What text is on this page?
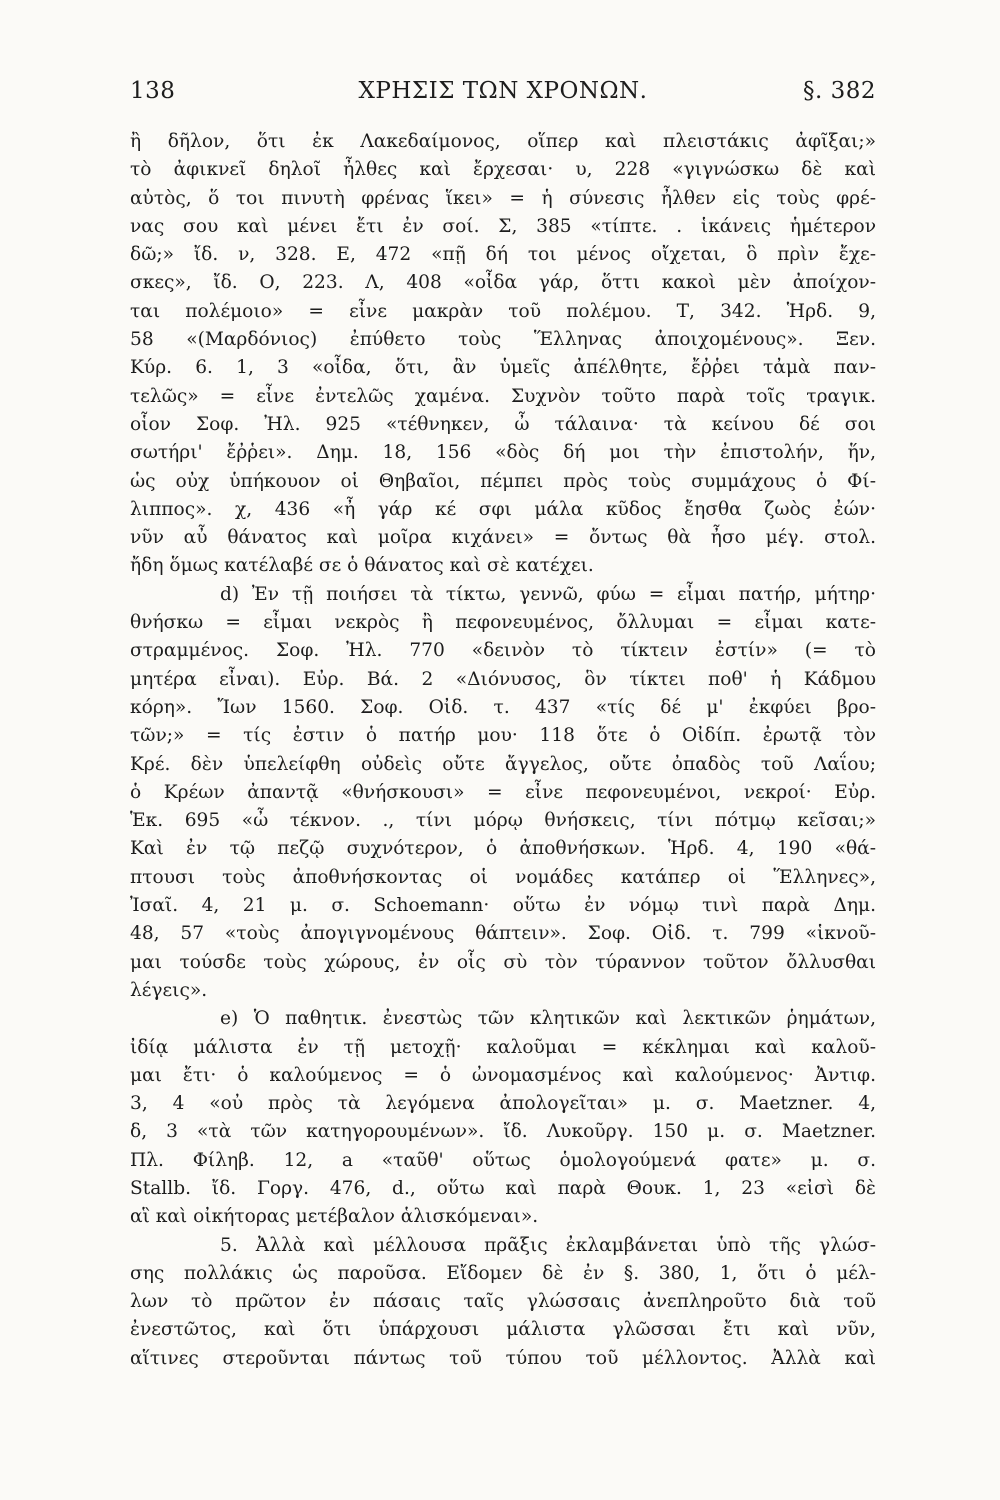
138	ΧΡΗΣΙΣ ΤΩΝ ΧΡΟΝΩΝ.	§. 382
ἢ δῆλον, ὅτι ἐκ Λακεδαίμονος, οἵπερ καὶ πλειστάκις ἀφῖξαι;»
τὸ ἀφικνεῖ δηλοῖ ἦλθες καὶ ἔρχεσαι· υ, 228 «γιγνώσκω δὲ καὶ
αὐτὸς, ὅ τοι πινυτὴ φρένας ἵκει» = ἡ σύνεσις ἦλθεν εἰς τοὺς φρέ-
νας σου καὶ μένει ἔτι ἐν σοί. Σ, 385 «τίπτε. . ἱκάνεις ἡμέτερον
δῶ;» ἴδ. ν, 328. Ε, 472 «πῇ δή τοι μένος οἴχεται, ὃ πρὶν ἔχε-
σκες», ἴδ. Ο, 223. Λ, 408 «οἶδα γάρ, ὅττι κακοὶ μὲν ἀποίχον-
ται πολέμοιο» = εἶνε μακρὰν τοῦ πολέμου. Τ, 342. Ἡρδ. 9,
58 «(Μαρδόνιος) ἐπύθετο τοὺς Ἕλληνας ἀποιχομένους». Ξεν.
Κύρ. 6. 1, 3 «οἶδα, ὅτι, ἂν ὑμεῖς ἀπέλθητε, ἔῤῥει τἀμὰ παν-
τελῶς» = εἶνε ἐντελῶς χαμένα. Συχνὸν τοῦτο παρὰ τοῖς τραγικ.
οἷον Σοφ. Ἠλ. 925 «τέθνηκεν, ὦ τάλαινα· τὰ κείνου δέ σοι
σωτήρι' ἔῤῥει». Δημ. 18, 156 «δὸς δή μοι τὴν ἐπιστολήν, ἥν,
ὡς οὐχ ὑπήκουον οἱ Θηβαῖοι, πέμπει πρὸς τοὺς συμμάχους ὁ Φί-
λιππος». χ, 436 «ἦ γάρ κέ σφι μάλα κῦδος ἔησθα ζωὸς ἐών·
νῦν αὖ θάνατος καὶ μοῖρα κιχάνει» = ὄντως θὰ ἦσο μέγ. στολ.
ἤδη ὅμως κατέλαβέ σε ὁ θάνατος καὶ σὲ κατέχει.
d) Ἐν τῇ ποιήσει τὰ τίκτω, γεννῶ, φύω = εἶμαι πατήρ, μήτηρ·
θνήσκω = εἶμαι νεκρὸς ἢ πεφονευμένος, ὄλλυμαι = εἶμαι κατε-
στραμμένος. Σοφ. Ἠλ. 770 «δεινὸν τὸ τίκτειν ἐστίν» (= τὸ
μητέρα εἶναι). Εὐρ. Βά. 2 «Διόνυσος, ὃν τίκτει ποθ' ἡ Κάδμου
κόρη». Ἴων 1560. Σοφ. Οἰδ. τ. 437 «τίς δέ μ' ἐκφύει βρο-
τῶν;» = τίς ἐστιν ὁ πατήρ μου· 118 ὅτε ὁ Οἰδίπ. ἐρωτᾷ τὸν
Κρέ. δὲν ὑπελείφθη οὐδεὶς οὔτε ἄγγελος, οὔτε ὀπαδὸς τοῦ Λαΐου;
ὁ Κρέων ἀπαντᾷ «θνήσκουσι» = εἶνε πεφονευμένοι, νεκροί· Εὐρ.
Ἑκ. 695 «ὦ τέκνον. ., τίνι μόρῳ θνήσκεις, τίνι πότμῳ κεῖσαι;»
Καὶ ἐν τῷ πεζῷ συχνότερον, ὁ ἀποθνήσκων. Ἡρδ. 4, 190 «θά-
πτουσι τοὺς ἀποθνήσκοντας οἱ νομάδες κατάπερ οἱ Ἕλληνες»,
Ἰσαῖ. 4, 21 μ. σ. Schoemann· οὕτω ἐν νόμῳ τινὶ παρὰ Δημ.
48, 57 «τοὺς ἀπογιγνομένους θάπτειν». Σοφ. Οἰδ. τ. 799 «ἱκνοῦ-
μαι τούσδε τοὺς χώρους, ἐν οἷς σὺ τὸν τύραννον τοῦτον ὄλλυσθαι
λέγεις».
e) Ὁ παθητικ. ἐνεστὼς τῶν κλητικῶν καὶ λεκτικῶν ῥημάτων,
ἰδίᾳ μάλιστα ἐν τῇ μετοχῇ· καλοῦμαι = κέκλημαι καὶ καλοῦ-
μαι ἔτι· ὁ καλούμενος = ὁ ὠνομασμένος καὶ καλούμενος· Ἀντιφ.
3, 4 «οὐ πρὸς τὰ λεγόμενα ἀπολογεῖται» μ. σ. Maetzner. 4,
δ, 3 «τὰ τῶν κατηγορουμένων». ἴδ. Λυκοῦργ. 150 μ. σ. Maetzner.
Πλ. Φίληβ. 12, a «ταῦθ' οὕτως ὁμολογούμενά φατε» μ. σ.
Stallb. ἴδ. Γοργ. 476, d., οὕτω καὶ παρὰ Θουκ. 1, 23 «εἰσὶ δὲ
αἳ καὶ οἰκήτορας μετέβαλον ἁλισκόμεναι».
5. Ἀλλὰ καὶ μέλλουσα πρᾶξις ἐκλαμβάνεται ὑπὸ τῆς γλώσ-
σης πολλάκις ὡς παροῦσα. Εἴδομεν δὲ ἐν §. 380, 1, ὅτι ὁ μέλ-
λων τὸ πρῶτον ἐν πάσαις ταῖς γλώσσαις ἀνεπληροῦτο διὰ τοῦ
ἐνεστῶτος, καὶ ὅτι ὑπάρχουσι μάλιστα γλῶσσαι ἔτι καὶ νῦν,
αἵτινες στεροῦνται πάντως τοῦ τύπου τοῦ μέλλοντος. Ἀλλὰ καὶ
